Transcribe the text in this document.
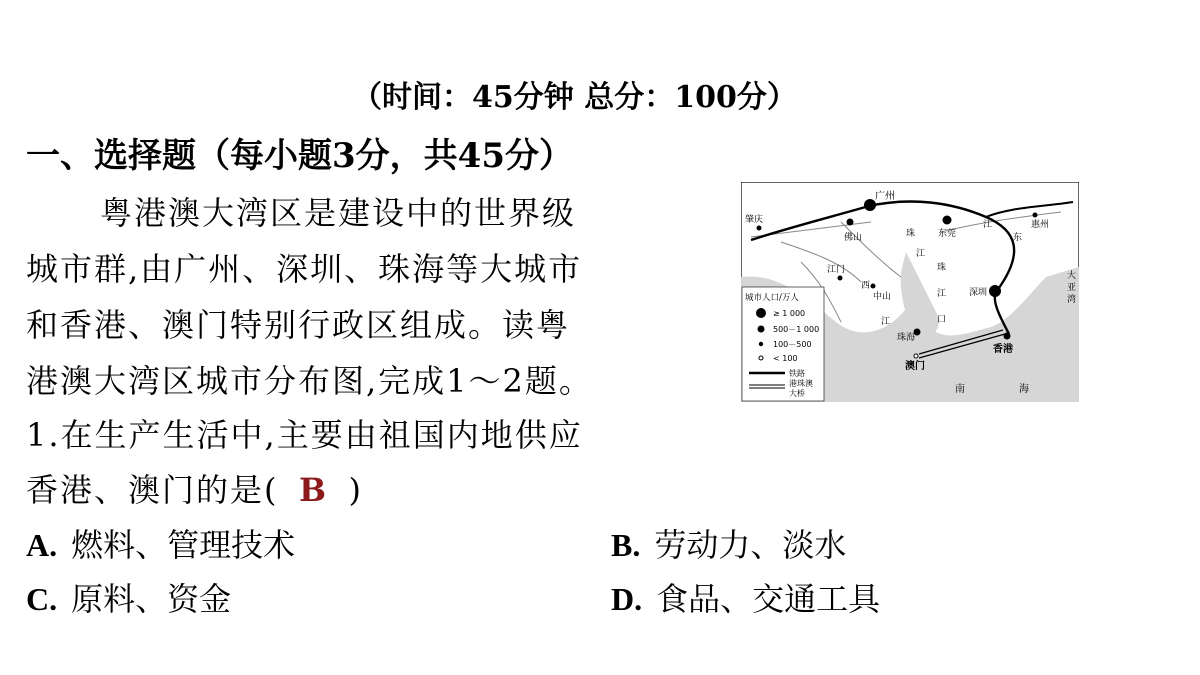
（时间：45分钟 总分：100分）
一、选择题（每小题3分，共45分）
粤港澳大湾区是建设中的世界级
城市群,由广州、深圳、珠海等大城市
和香港、澳门特别行政区组成。读粤
港澳大湾区城市分布图,完成1～2题。
1.在生产生活中,主要由祖国内地供应
香港、澳门的是( B )
A. 燃料、管理技术	B. 劳动力、淡水
C. 原料、资金	D. 食品、交通工具
肇庆
广州
佛山	东莞
惠州
江门
中山	深圳
珠海
香港
澳门
珠
江
东
江
西
江
珠
江
口
大
亚
湾
南	海
城市人口/万人
≥ 1 000
500－1 000
100－500
< 100
铁路
港珠澳
大桥
